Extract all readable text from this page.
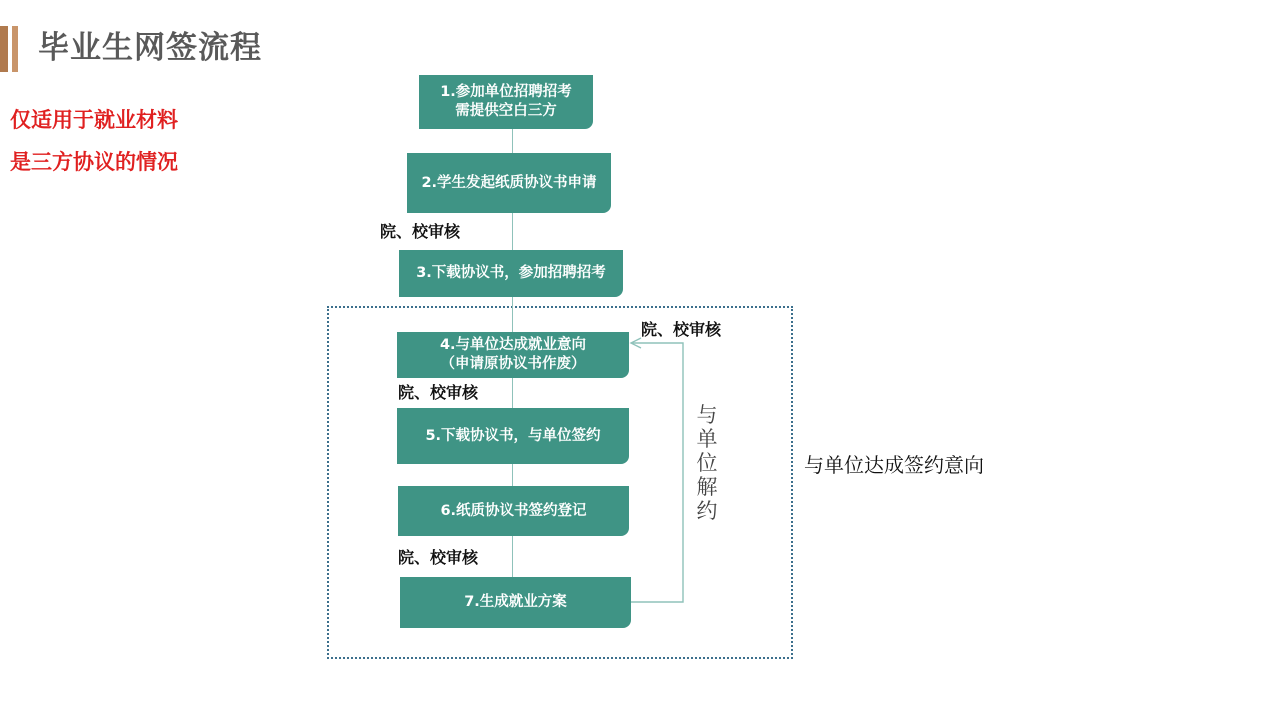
毕业生网签流程
仅适用于就业材料
是三方协议的情况
1.参加单位招聘招考
需提供空白三方
2.学生发起纸质协议书申请
3.下载协议书，参加招聘招考
4.与单位达成就业意向
（申请原协议书作废）
5.下载协议书，与单位签约
6.纸质协议书签约登记
7.生成就业方案
院、校审核
院、校审核
院、校审核
院、校审核
与单位解约
与单位达成签约意向
